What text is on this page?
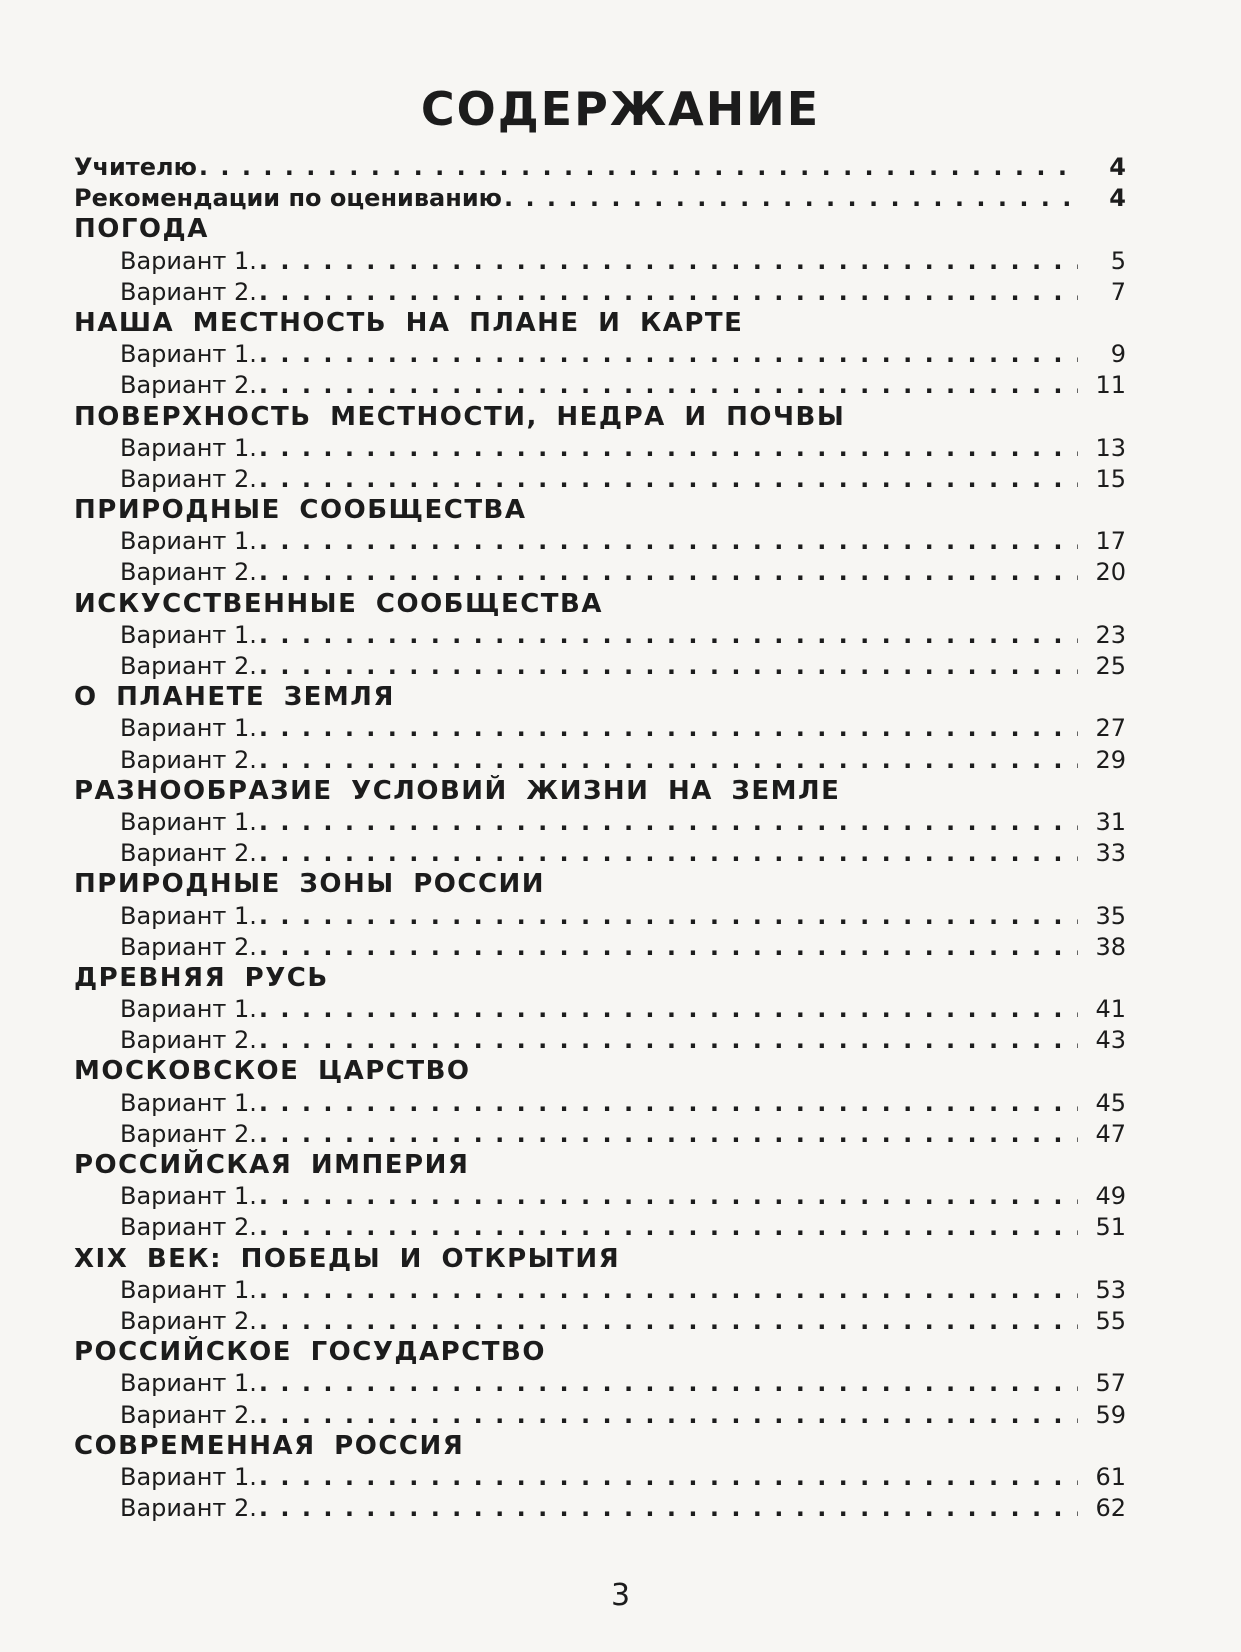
СОДЕРЖАНИЕ
Учителю . . .	4
Рекомендации по оцениванию . . .	4
ПОГОДА
Вариант 1. . . .	5
Вариант 2. . . .	7
НАША МЕСТНОСТЬ НА ПЛАНЕ И КАРТЕ
Вариант 1. . . .	9
Вариант 2. . . .	11
ПОВЕРХНОСТЬ МЕСТНОСТИ, НЕДРА И ПОЧВЫ
Вариант 1. . . .	13
Вариант 2. . . .	15
ПРИРОДНЫЕ СООБЩЕСТВА
Вариант 1. . . .	17
Вариант 2. . . .	20
ИСКУССТВЕННЫЕ СООБЩЕСТВА
Вариант 1. . . .	23
Вариант 2. . . .	25
О ПЛАНЕТЕ ЗЕМЛЯ
Вариант 1. . . .	27
Вариант 2. . . .	29
РАЗНООБРАЗИЕ УСЛОВИЙ ЖИЗНИ НА ЗЕМЛЕ
Вариант 1. . . .	31
Вариант 2. . . .	33
ПРИРОДНЫЕ ЗОНЫ РОССИИ
Вариант 1. . . .	35
Вариант 2. . . .	38
ДРЕВНЯЯ РУСЬ
Вариант 1. . . .	41
Вариант 2. . . .	43
МОСКОВСКОЕ ЦАРСТВО
Вариант 1. . . .	45
Вариант 2. . . .	47
РОССИЙСКАЯ ИМПЕРИЯ
Вариант 1. . . .	49
Вариант 2. . . .	51
XIX ВЕК: ПОБЕДЫ И ОТКРЫТИЯ
Вариант 1. . . .	53
Вариант 2. . . .	55
РОССИЙСКОЕ ГОСУДАРСТВО
Вариант 1. . . .	57
Вариант 2. . . .	59
СОВРЕМЕННАЯ РОССИЯ
Вариант 1. . . .	61
Вариант 2. . . .	62
3
